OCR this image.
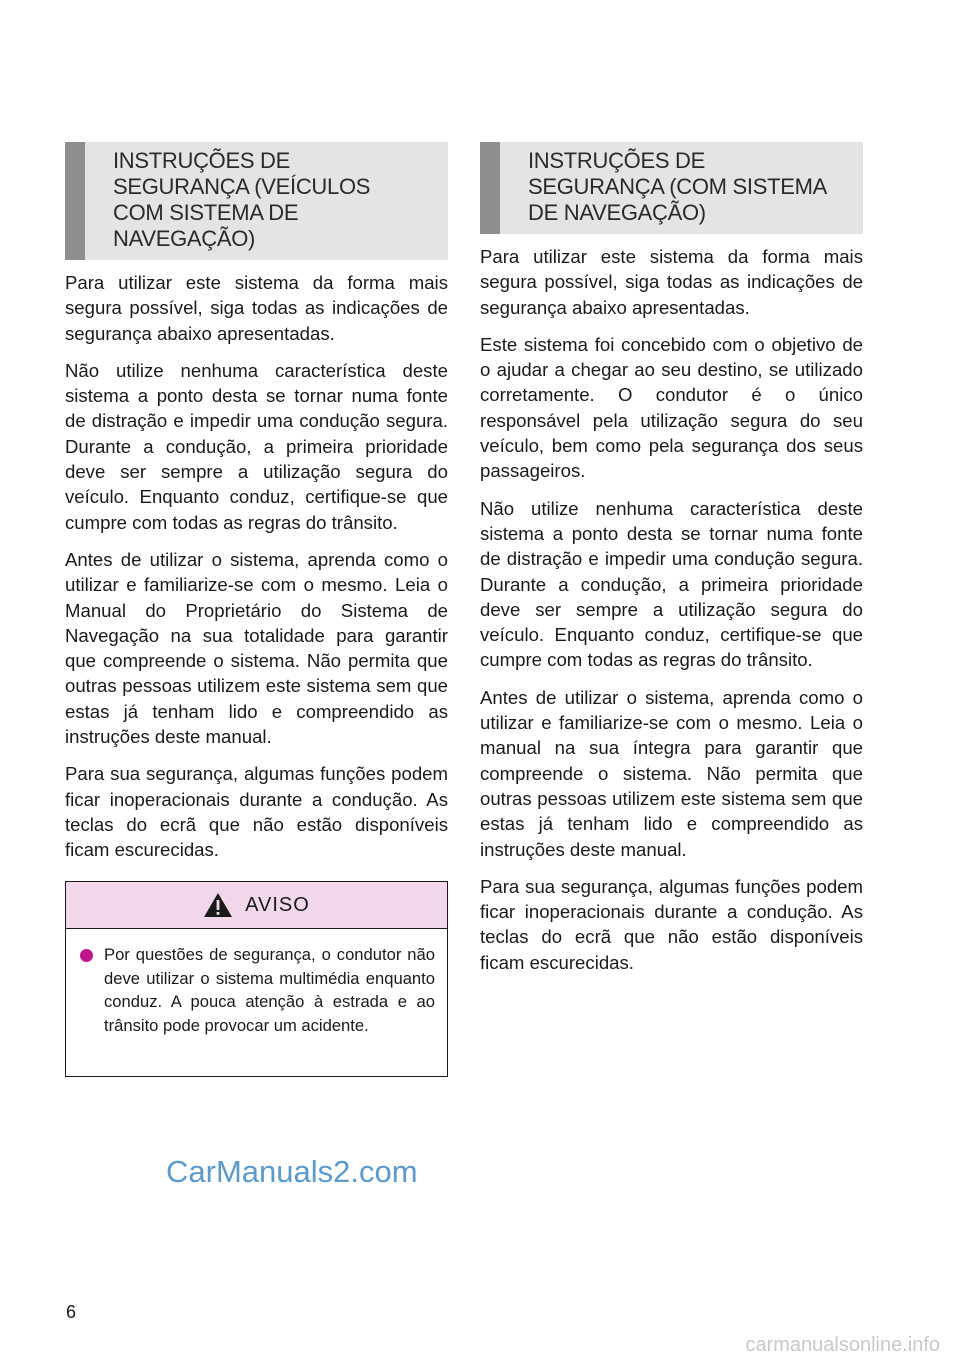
INSTRUÇÕES DE
SEGURANÇA (VEÍCULOS
COM SISTEMA DE
NAVEGAÇÃO)

Para utilizar este sistema da forma mais segura possível, siga todas as indicações de segurança abaixo apresentadas.

Não utilize nenhuma característica deste sistema a ponto desta se tornar numa fonte de distração e impedir uma condução segura. Durante a condução, a primeira prioridade deve ser sempre a utilização segura do veículo. Enquanto conduz, certifique-se que cumpre com todas as regras do trânsito.

Antes de utilizar o sistema, aprenda como o utilizar e familiarize-se com o mesmo. Leia o Manual do Proprietário do Sistema de Navegação na sua totalidade para garantir que compreende o sistema. Não permita que outras pessoas utilizem este sistema sem que estas já tenham lido e compreendido as instruções deste manual.

Para sua segurança, algumas funções podem ficar inoperacionais durante a condução. As teclas do ecrã que não estão disponíveis ficam escurecidas.

AVISO

Por questões de segurança, o condutor não deve utilizar o sistema multimédia enquanto conduz. A pouca atenção à estrada e ao trânsito pode provocar um acidente.

INSTRUÇÕES DE
SEGURANÇA (COM SISTEMA
DE NAVEGAÇÃO)

Para utilizar este sistema da forma mais segura possível, siga todas as indicações de segurança abaixo apresentadas.

Este sistema foi concebido com o objetivo de o ajudar a chegar ao seu destino, se utilizado corretamente. O condutor é o único responsável pela utilização segura do seu veículo, bem como pela segurança dos seus passageiros.

Não utilize nenhuma característica deste sistema a ponto desta se tornar numa fonte de distração e impedir uma condução segura. Durante a condução, a primeira prioridade deve ser sempre a utilização segura do veículo. Enquanto conduz, certifique-se que cumpre com todas as regras do trânsito.

Antes de utilizar o sistema, aprenda como o utilizar e familiarize-se com o mesmo. Leia o manual na sua íntegra para garantir que compreende o sistema. Não permita que outras pessoas utilizem este sistema sem que estas já tenham lido e compreendido as instruções deste manual.

Para sua segurança, algumas funções podem ficar inoperacionais durante a condução. As teclas do ecrã que não estão disponíveis ficam escurecidas.

CarManuals2.com
6
carmanualsonline.info
